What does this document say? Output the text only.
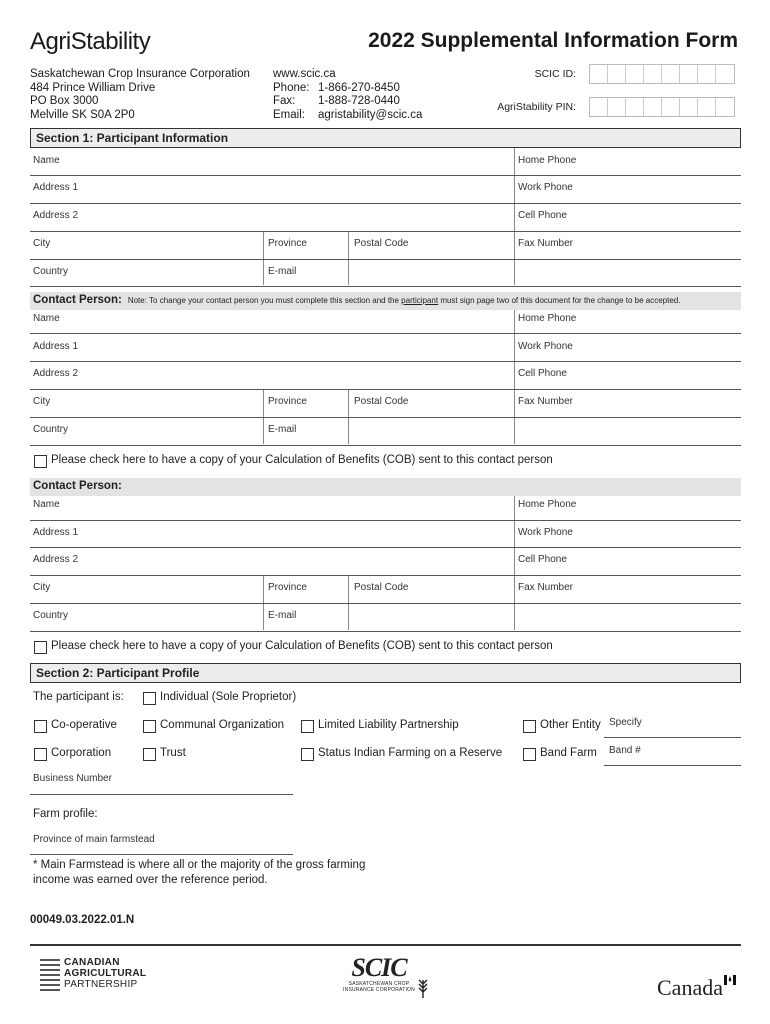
AgriStability	2022 Supplemental Information Form
Saskatchewan Crop Insurance Corporation
484 Prince William Drive
PO Box 3000
Melville SK S0A 2P0
www.scic.ca
Phone: 1-866-270-8450
Fax:	1-888-728-0440
Email:	agristability@scic.ca
SCIC ID:
AgriStability PIN:
Section 1: Participant Information
Name	Home Phone
Address 1	Work Phone
Address 2	Cell Phone
City	Province	Postal Code	Fax Number
Country	E-mail
Contact Person: Note: To change your contact person you must complete this section and the participant must sign page two of this document for the change to be accepted.
Name	Home Phone
Address 1	Work Phone
Address 2	Cell Phone
City	Province	Postal Code	Fax Number
Country	E-mail
Please check here to have a copy of your Calculation of Benefits (COB) sent to this contact person
Contact Person:
Name	Home Phone
Address 1	Work Phone
Address 2	Cell Phone
City	Province	Postal Code	Fax Number
Country	E-mail
Please check here to have a copy of your Calculation of Benefits (COB) sent to this contact person
Section 2: Participant Profile
The participant is:	Individual (Sole Proprietor)
Co-operative	Communal Organization	Limited Liability Partnership	Other Entity Specify
Corporation	Trust	Status Indian Farming on a Reserve	Band Farm Band #
Business Number
Farm profile:
Province of main farmstead
* Main Farmstead is where all or the majority of the gross farming
income was earned over the reference period.
00049.03.2022.01.N
CANADIAN
AGRICULTURAL
PARTNERSHIP
SCIC
SASKATCHEWAN CROP
INSURANCE CORPORATION	Canada
